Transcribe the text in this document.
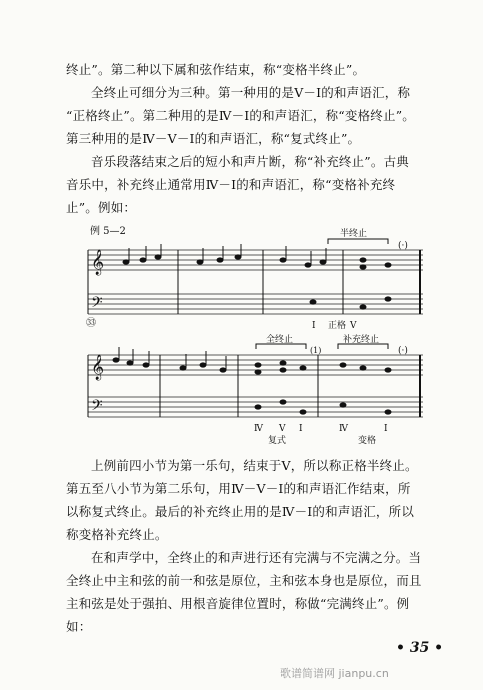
终止”。第二种以下属和弦作结束，称“变格半终止”。

全终止可细分为三种。第一种用的是Ⅴ－Ⅰ的和声语汇，称

“正格终止”。第二种用的是Ⅳ－Ⅰ的和声语汇，称“变格终止”。

第三种用的是Ⅳ－Ⅴ－Ⅰ的和声语汇，称“复式终止”。

音乐段落结束之后的短小和声片断，称“补充终止”。古典

音乐中，补充终止通常用Ⅳ－Ⅰ的和声语汇，称“变格补充终

止”。例如：

例 5—2
𝄞
𝄢
半终止
(·)
Ⅰ 正格 Ⅴ
㉝
𝄞
𝄢
全终止	补充终止
(1)	(·)
Ⅳ Ⅴ Ⅰ	Ⅳ	Ⅰ
复式	变格

上例前四小节为第一乐句，结束于Ⅴ，所以称正格半终止。

第五至八小节为第二乐句，用Ⅳ－Ⅴ－Ⅰ的和声语汇作结束，所

以称复式终止。最后的补充终止用的是Ⅳ－Ⅰ的和声语汇，所以

称变格补充终止。

在和声学中，全终止的和声进行还有完满与不完满之分。当

全终止中主和弦的前一和弦是原位，主和弦本身也是原位，而且

主和弦是处于强拍、用根音旋律位置时，称做“完满终止”。例

如：

• 35 •
歌谱简谱网 jianpu.cn
